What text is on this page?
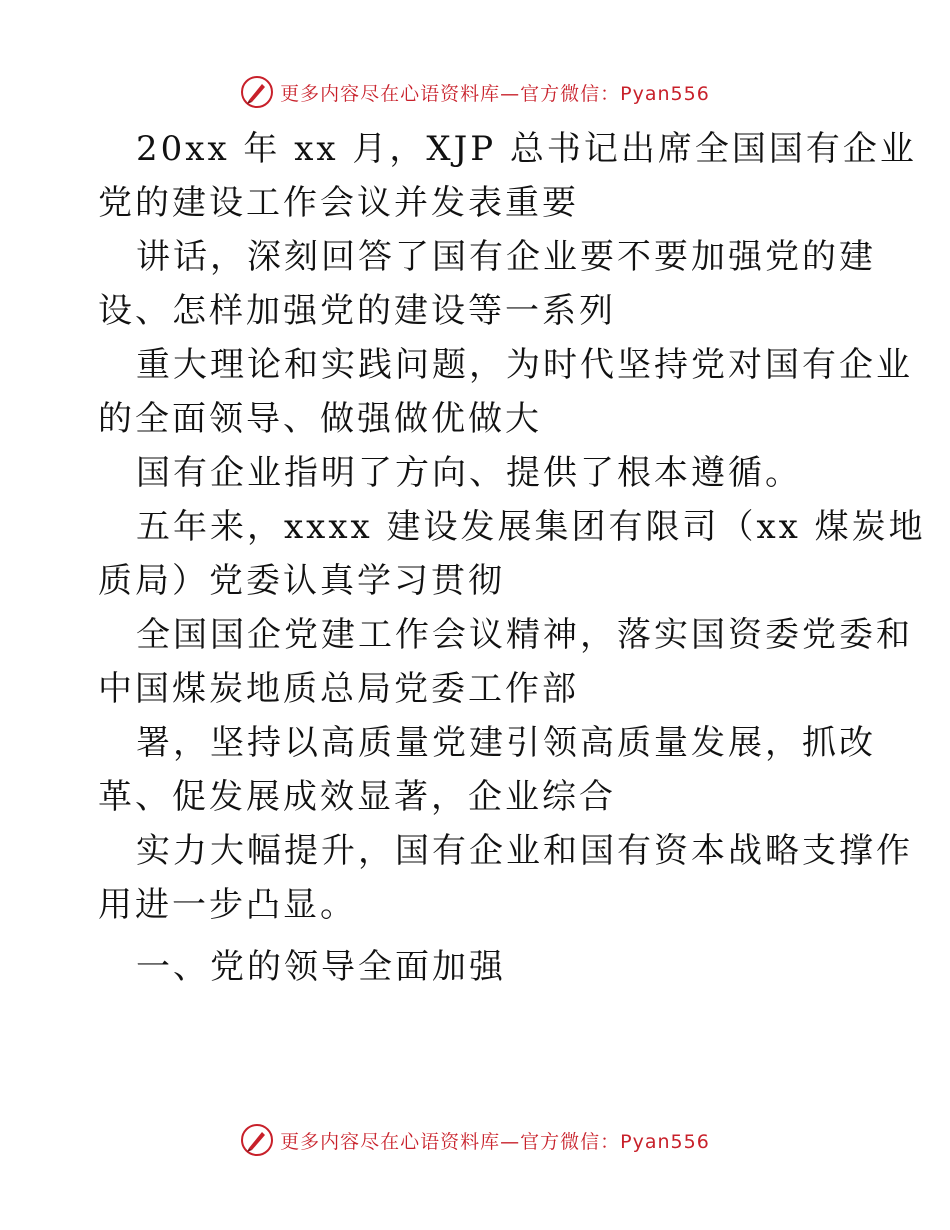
更多内容尽在心语资料库—官方微信：Pyan556
20xx 年 xx 月，XJP 总书记出席全国国有企业
党的建设工作会议并发表重要
讲话，深刻回答了国有企业要不要加强党的建
设、怎样加强党的建设等一系列
重大理论和实践问题，为时代坚持党对国有企业
的全面领导、做强做优做大
国有企业指明了方向、提供了根本遵循。
五年来，xxxx 建设发展集团有限司（xx 煤炭地
质局）党委认真学习贯彻
全国国企党建工作会议精神，落实国资委党委和
中国煤炭地质总局党委工作部
署，坚持以高质量党建引领高质量发展，抓改
革、促发展成效显著，企业综合
实力大幅提升，国有企业和国有资本战略支撑作
用进一步凸显。
一、党的领导全面加强
更多内容尽在心语资料库—官方微信：Pyan556
